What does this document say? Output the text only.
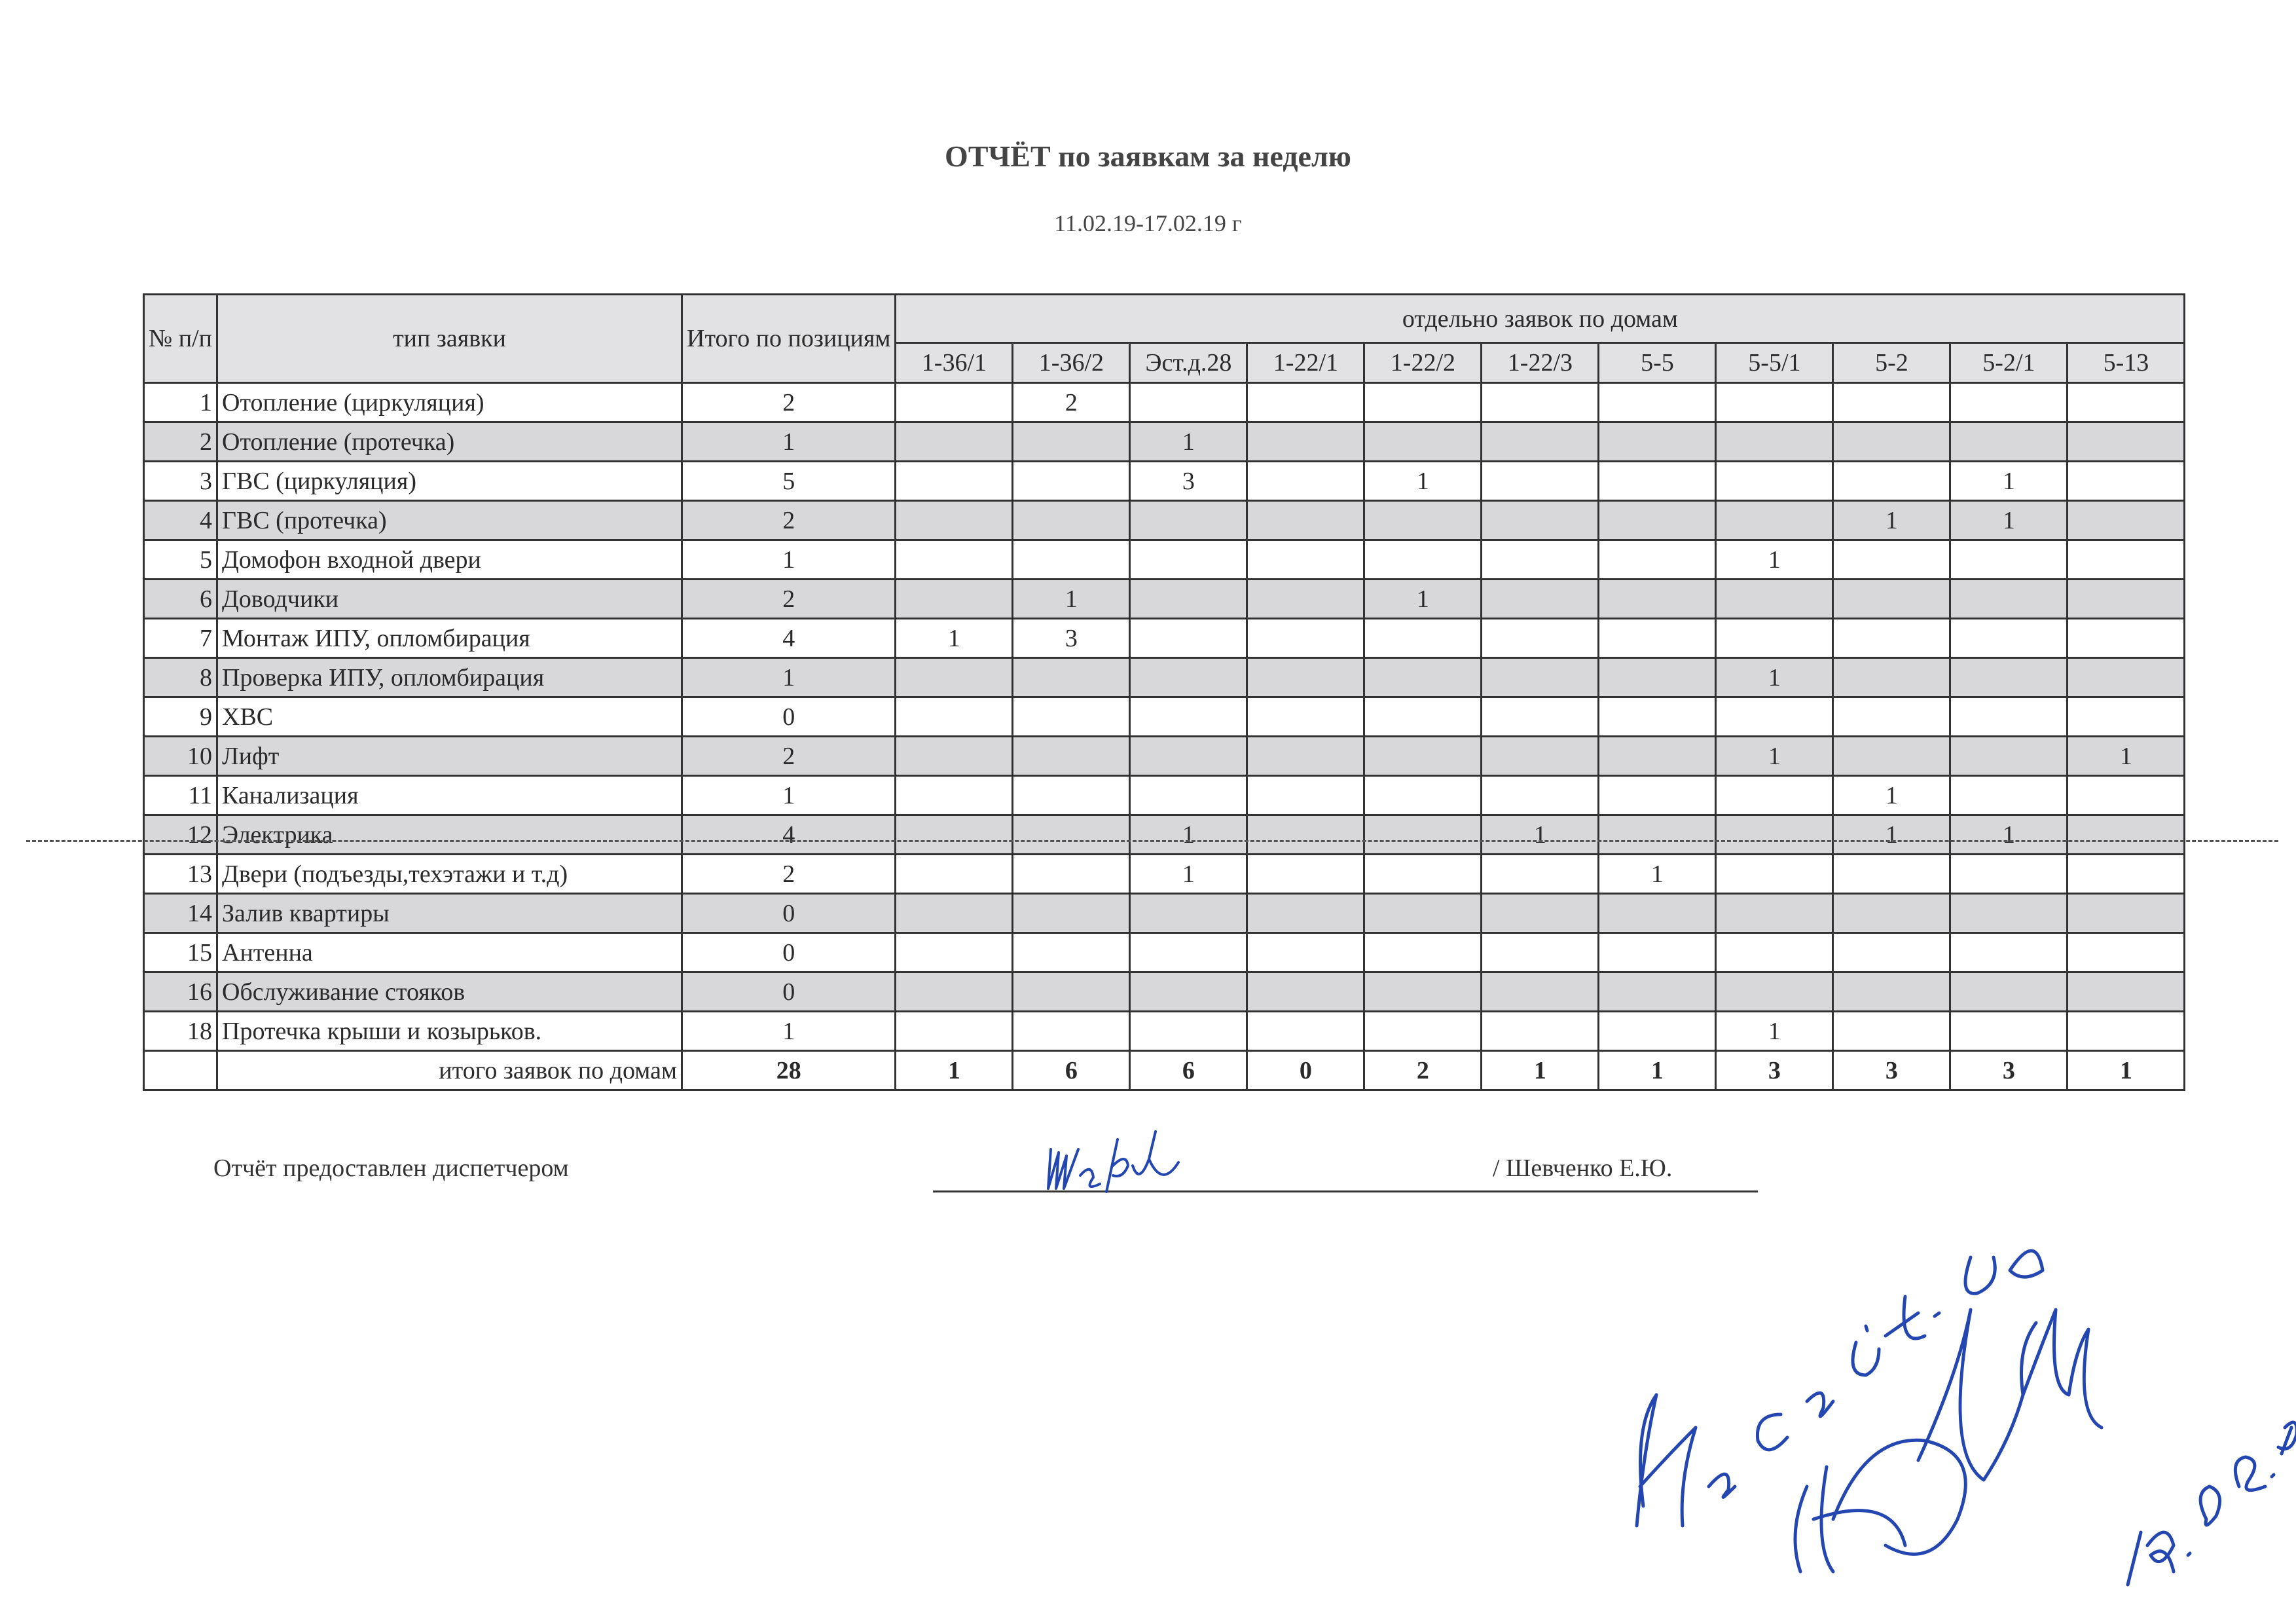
ОТЧЁТ по заявкам за неделю
11.02.19-17.02.19 г
№ п/п	тип заявки	Итого по позициям	отдельно заявок по домам										
			1-36/1	1-36/2	Эст.д.28	1-22/1	1-22/2	1-22/3	5-5	5-5/1	5-2	5-2/1	5-13
1	Отопление (циркуляция)	2		2									
2	Отопление (протечка)	1			1								
3	ГВС (циркуляция)	5			3		1					1	
4	ГВС (протечка)	2									1	1	
5	Домофон входной двери	1								1			
6	Доводчики	2		1			1						
7	Монтаж ИПУ, опломбирация	4	1	3									
8	Проверка ИПУ, опломбирация	1								1			
9	ХВС	0											
10	Лифт	2								1			1
11	Канализация	1									1		
12	Электрика	4			1			1			1	1	
13	Двери (подъезды,техэтажи и т.д)	2			1				1				
14	Залив квартиры	0											
15	Антенна	0											
16	Обслуживание стояков	0											
18	Протечка крыши и козырьков.	1								1			
	итого заявок по домам	28	1	6	6	0	2	1	1	3	3	3	1
Отчёт предоставлен диспетчером	/ Шевченко Е.Ю.
